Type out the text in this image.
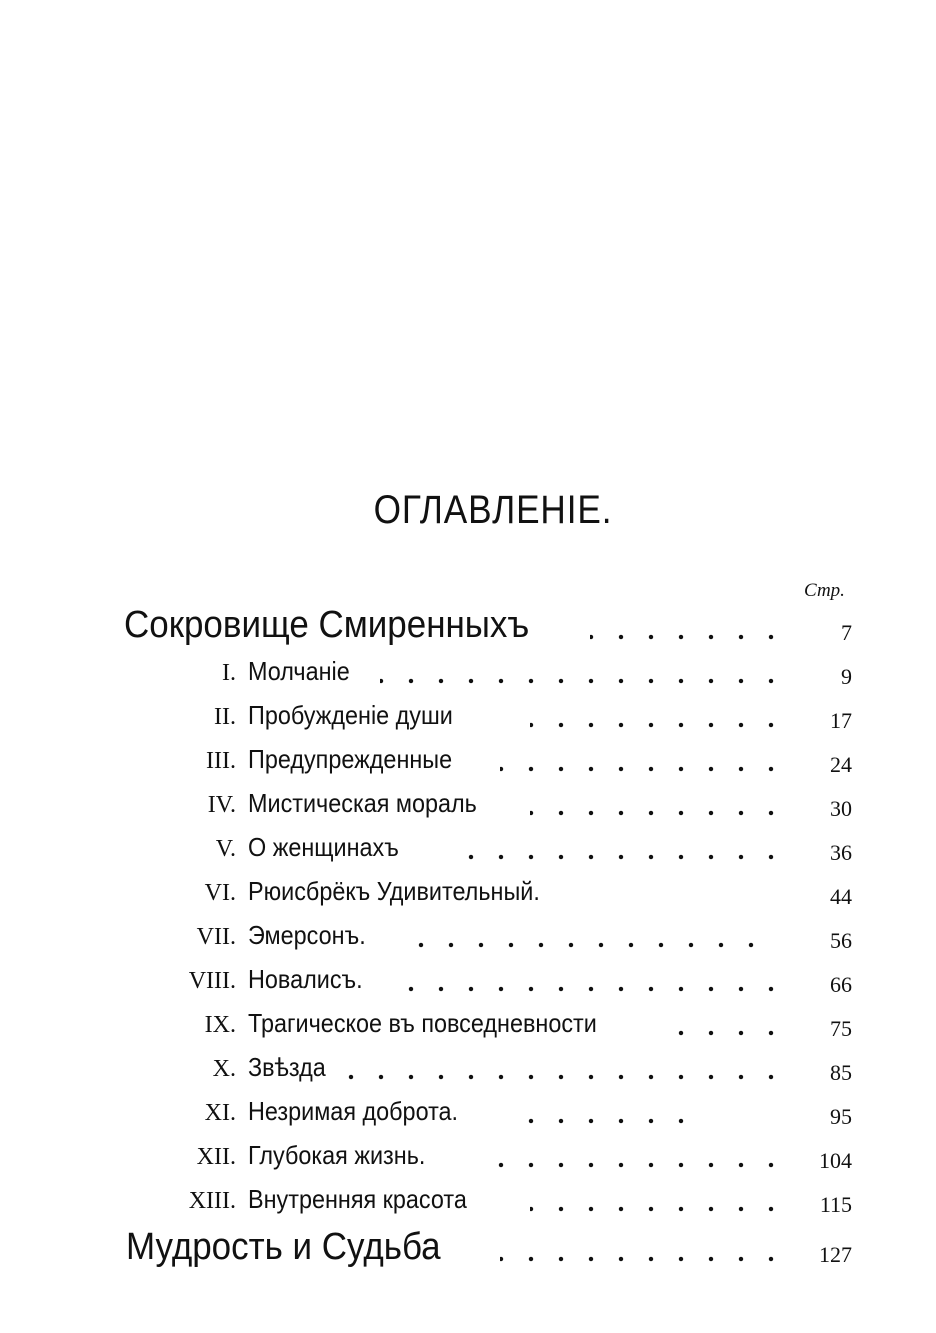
ОГЛАВЛЕНІЕ.
Стр.
Сокровище Смиренныхъ	7
I. Молчаніе	9
II. Пробужденіе души	17
III. Предупрежденные	24
IV. Мистическая мораль	30
V. О женщинахъ	36
VI. Рюисбрёкъ Удивительный.	44
VII. Эмерсонъ.	56
VIII. Новалисъ.	66
IX. Трагическое въ повседневности	75
X. Звѣзда	85
XI. Незримая доброта.	95
XII. Глубокая жизнь.	104
XIII. Внутренняя красота	115
Мудрость и Судьба	127
